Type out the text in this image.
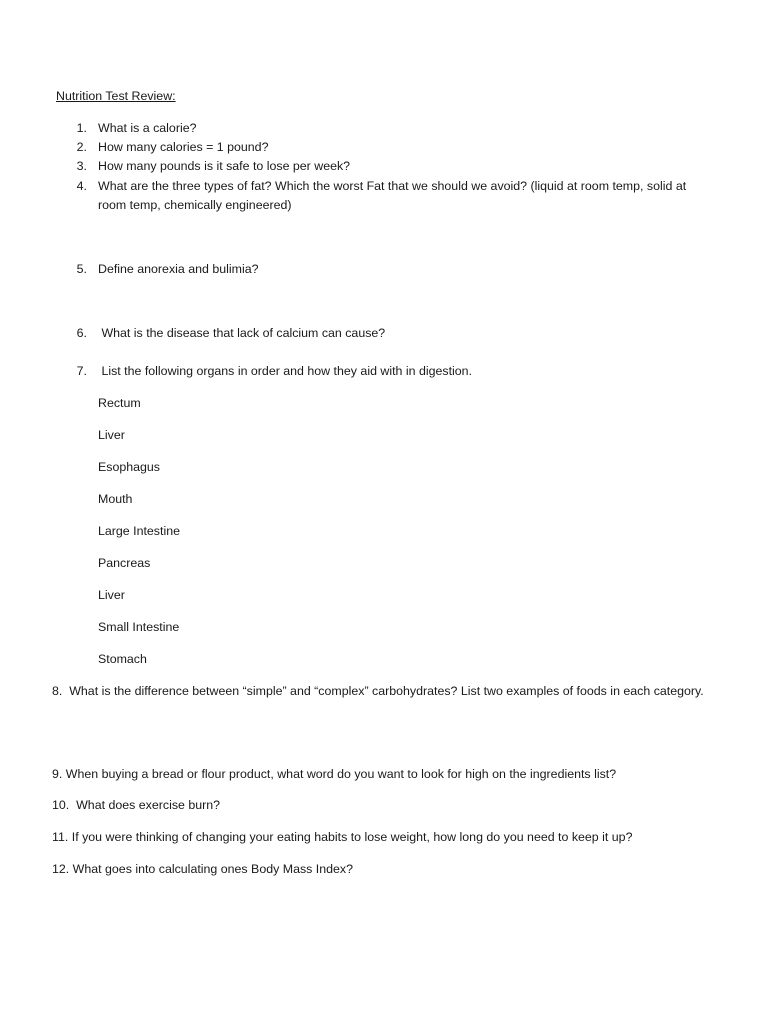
Nutrition Test Review:
1. What is a calorie?
2. How many calories = 1 pound?
3. How many pounds is it safe to lose per week?
4. What are the three types of fat? Which the worst Fat that we should we avoid? (liquid at room temp, solid at room temp, chemically engineered)
5. Define anorexia and bulimia?
6. What is the disease that lack of calcium can cause?
7. List the following organs in order and how they aid with in digestion.
Rectum
Liver
Esophagus
Mouth
Large Intestine
Pancreas
Liver
Small Intestine
Stomach
8.  What is the difference between “simple” and “complex” carbohydrates? List two examples of foods in each category.
9. When buying a bread or flour product, what word do you want to look for high on the ingredients list?
10.  What does exercise burn?
11. If you were thinking of changing your eating habits to lose weight, how long do you need to keep it up?
12. What goes into calculating ones Body Mass Index?
